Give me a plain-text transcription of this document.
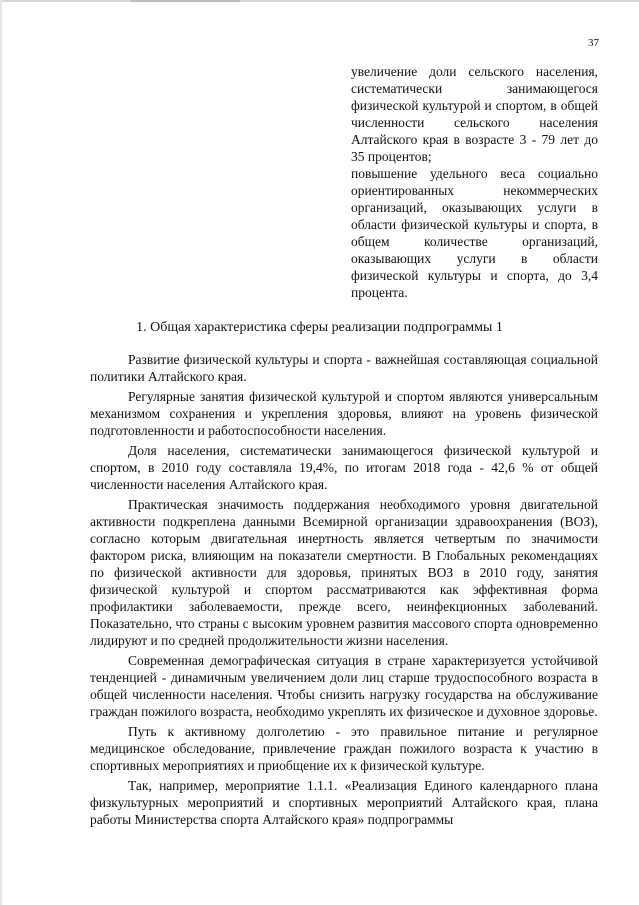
37

увеличение доли сельского населения, систематически занимающегося физической культурой и спортом, в общей численности сельского населения Алтайского края в возрасте 3 - 79 лет до 35 процентов;

повышение удельного веса социально ориентированных некоммерческих организаций, оказывающих услуги в области физической культуры и спорта, в общем количестве организаций, оказывающих услуги в области физической культуры и спорта, до 3,4 процента.

1. Общая характеристика сферы реализации подпрограммы 1

Развитие физической культуры и спорта - важнейшая составляющая социальной политики Алтайского края.

Регулярные занятия физической культурой и спортом являются универсальным механизмом сохранения и укрепления здоровья, влияют на уровень физической подготовленности и работоспособности населения.

Доля населения, систематически занимающегося физической культурой и спортом, в 2010 году составляла 19,4%, по итогам 2018 года - 42,6 % от общей численности населения Алтайского края.

Практическая значимость поддержания необходимого уровня двигательной активности подкреплена данными Всемирной организации здравоохранения (ВОЗ), согласно которым двигательная инертность является четвертым по значимости фактором риска, влияющим на показатели смертности. В Глобальных рекомендациях по физической активности для здоровья, принятых ВОЗ в 2010 году, занятия физической культурой и спортом рассматриваются как эффективная форма профилактики заболеваемости, прежде всего, неинфекционных заболеваний. Показательно, что страны с высоким уровнем развития массового спорта одновременно лидируют и по средней продолжительности жизни населения.

Современная демографическая ситуация в стране характеризуется устойчивой тенденцией - динамичным увеличением доли лиц старше трудоспособного возраста в общей численности населения. Чтобы снизить нагрузку государства на обслуживание граждан пожилого возраста, необходимо укреплять их физическое и духовное здоровье.

Путь к активному долголетию - это правильное питание и регулярное медицинское обследование, привлечение граждан пожилого возраста к участию в спортивных мероприятиях и приобщение их к физической культуре.

Так, например, мероприятие 1.1.1. «Реализация Единого календарного плана физкультурных мероприятий и спортивных мероприятий Алтайского края, плана работы Министерства спорта Алтайского края» подпрограммы
